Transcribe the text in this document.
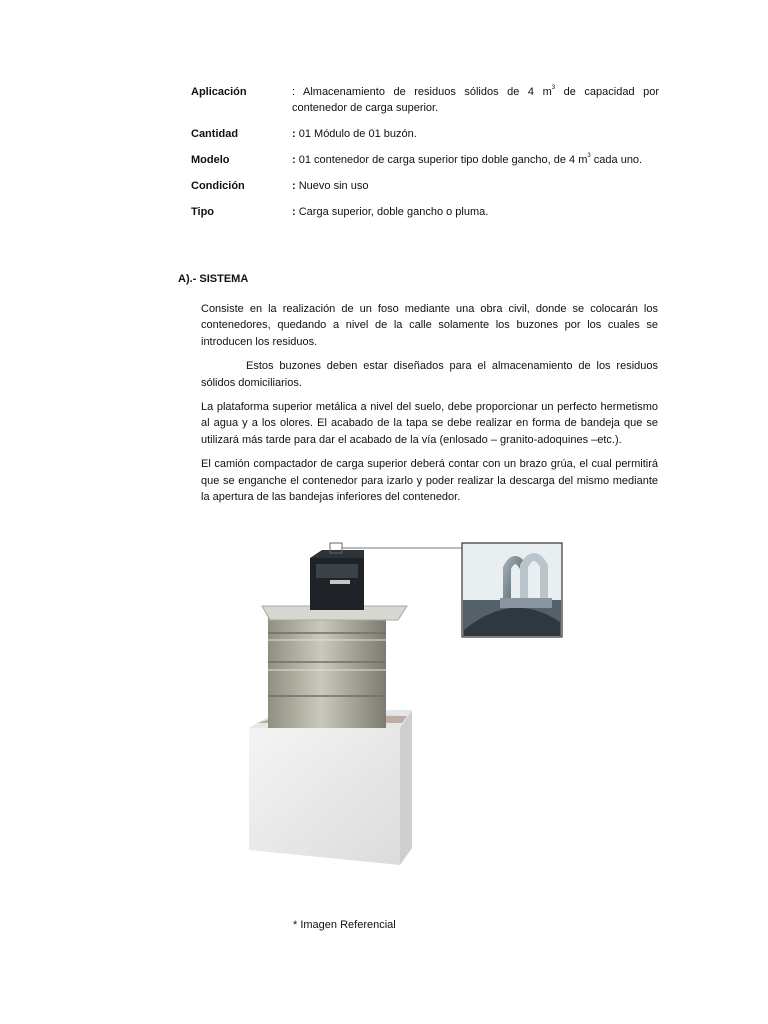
Aplicación	: Almacenamiento de residuos sólidos de 4 $m^3$ de capacidad por contenedor de carga superior.
Cantidad	: 01 Módulo de 01 buzón.
Modelo	: 01 contenedor de carga superior tipo doble gancho, de 4 $m^3$ cada uno.
Condición	: Nuevo sin uso
Tipo	: Carga superior, doble gancho o pluma.
A).- SISTEMA

Consiste en la realización de un foso mediante una obra civil, donde se colocarán los contenedores, quedando a nivel de la calle solamente los buzones por los cuales se introducen los residuos.

Estos buzones deben estar diseñados para el almacenamiento de los residuos sólidos domiciliarios.

La plataforma superior metálica a nivel del suelo, debe proporcionar un perfecto hermetismo al agua y a los olores. El acabado de la tapa se debe realizar en forma de bandeja que se utilizará más tarde para dar el acabado de la vía (enlosado – granito-adoquines –etc.).

El camión compactador de carga superior deberá contar con un brazo grúa, el cual permitirá que se enganche el contenedor para izarlo y poder realizar la descarga del mismo mediante la apertura de las bandejas inferiores del contenedor.

* Imagen Referencial
